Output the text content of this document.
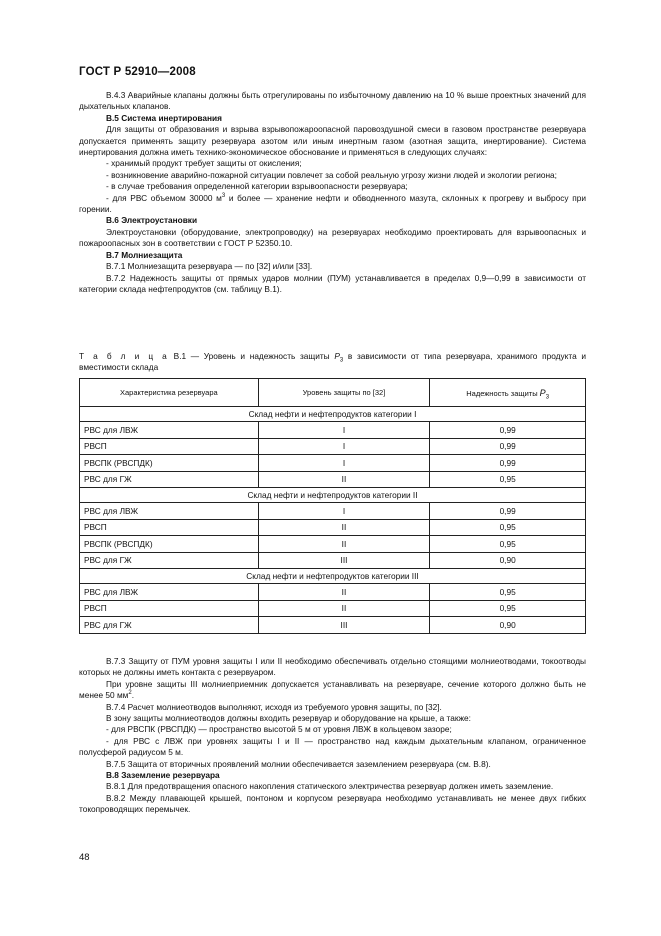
ГОСТ Р 52910—2008

В.4.3 Аварийные клапаны должны быть отрегулированы по избыточному давлению на 10 % выше проектных значений для дыхательных клапанов.

В.5 Система инертирования

Для защиты от образования и взрыва взрывопожароопасной паровоздушной смеси в газовом пространстве резервуара допускается применять защиту резервуара азотом или иным инертным газом (азотная защита, инертирование). Система инертирования должна иметь технико-экономическое обоснование и применяться в следующих случаях:

- хранимый продукт требует защиты от окисления;

- возникновение аварийно-пожарной ситуации повлечет за собой реальную угрозу жизни людей и экологии региона;

- в случае требования определенной категории взрывоопасности резервуара;

- для РВС объемом 30000 $м^3$ и более — хранение нефти и обводненного мазута, склонных к прогреву и выбросу при горении.

В.6 Электроустановки

Электроустановки (оборудование, электропроводку) на резервуарах необходимо проектировать для взрывоопасных и пожароопасных зон в соответствии с ГОСТ Р 52350.10.

В.7 Молниезащита

В.7.1 Молниезащита резервуара — по [32] и/или [33].

В.7.2 Надежность защиты от прямых ударов молнии (ПУМ) устанавливается в пределах 0,9—0,99 в зависимости от категории склада нефтепродуктов (см. таблицу В.1).

Т а б л и ц а В.1 — Уровень и надежность защиты $P_3$ в зависимости от типа резервуара, хранимого продукта и вместимости склада
Характеристика резервуара	Уровень защиты по [32]	Надежность защиты $P_3$
Склад нефти и нефтепродуктов категории I		
РВС для ЛВЖ	I	0,99
РВСП	I	0,99
РВСПК (РВСПДК)	I	0,99
РВС для ГЖ	II	0,95
Склад нефти и нефтепродуктов категории II		
РВС для ЛВЖ	I	0,99
РВСП	II	0,95
РВСПК (РВСПДК)	II	0,95
РВС для ГЖ	III	0,90
Склад нефти и нефтепродуктов категории III		
РВС для ЛВЖ	II	0,95
РВСП	II	0,95
РВС для ГЖ	III	0,90

В.7.3 Защиту от ПУМ уровня защиты I или II необходимо обеспечивать отдельно стоящими молниеотводами, токоотводы которых не должны иметь контакта с резервуаром.

При уровне защиты III молниеприемник допускается устанавливать на резервуаре, сечение которого должно быть не менее 50 $мм^2$.

В.7.4 Расчет молниеотводов выполняют, исходя из требуемого уровня защиты, по [32].

В зону защиты молниеотводов должны входить резервуар и оборудование на крыше, а также:

- для РВСПК (РВСПДК) — пространство высотой 5 м от уровня ЛВЖ в кольцевом зазоре;

- для РВС с ЛВЖ при уровнях защиты I и II — пространство над каждым дыхательным клапаном, ограниченное полусферой радиусом 5 м.

В.7.5 Защита от вторичных проявлений молнии обеспечивается заземлением резервуара (см. В.8).

В.8 Заземление резервуара

В.8.1 Для предотвращения опасного накопления статического электричества резервуар должен иметь заземление.

В.8.2 Между плавающей крышей, понтоном и корпусом резервуара необходимо устанавливать не менее двух гибких токопроводящих перемычек.

48
